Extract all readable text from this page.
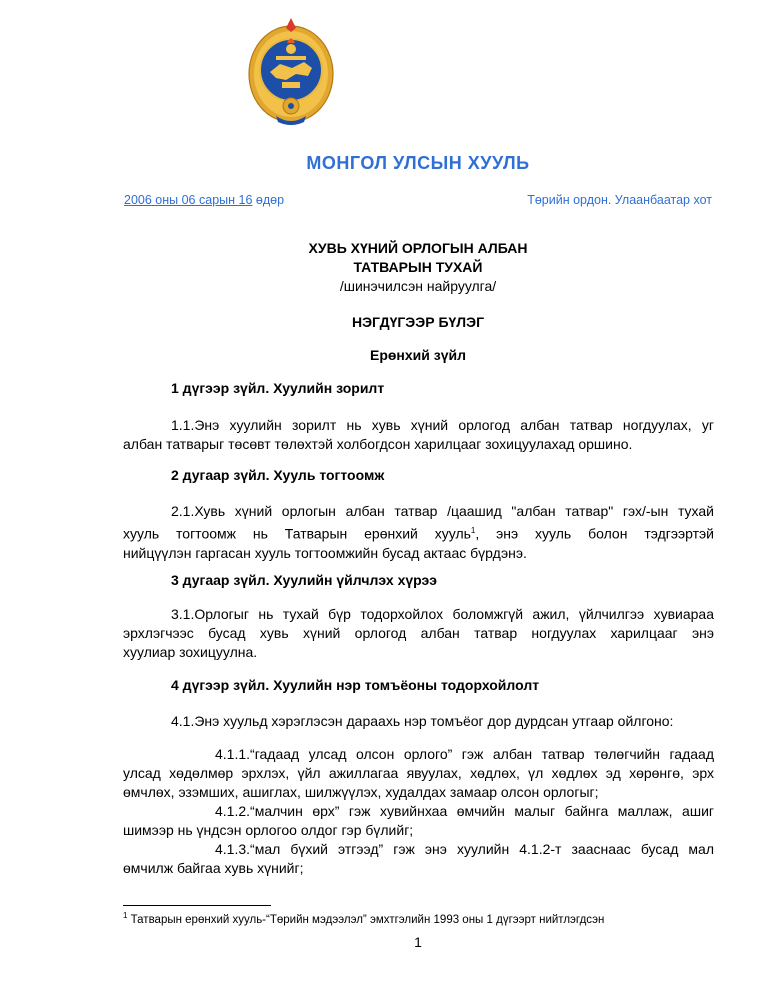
МОНГОЛ УЛСЫН ХУУЛЬ
2006 оны 06 сарын 16 өдөр	Төрийн ордон. Улаанбаатар хот
ХУВЬ ХҮНИЙ ОРЛОГЫН АЛБАН
ТАТВАРЫН ТУХАЙ
/шинэчилсэн найруулга/
НЭГДҮГЭЭР БҮЛЭГ
Ерөнхий зүйл
1 дүгээр зүйл. Хуулийн зорилт
1.1.Энэ хуулийн зорилт нь хувь хүний орлогод албан татвар ногдуулах, уг
албан татварыг төсөвт төлөхтэй холбогдсон харилцааг зохицуулахад оршино.
2 дугаар зүйл. Хууль тогтоомж
2.1.Хувь хүний орлогын албан татвар /цаашид "албан татвар" гэх/-ын тухай
хууль тогтоомж нь Татварын ерөнхий хууль$^1$, энэ хууль болон тэдгээртэй
нийцүүлэн гаргасан хууль тогтоомжийн бусад актаас бүрдэнэ.
3 дугаар зүйл. Хуулийн үйлчлэх хүрээ
3.1.Орлогыг нь тухай бүр тодорхойлох боломжгүй ажил, үйлчилгээ хувиараа
эрхлэгчээс бусад хувь хүний орлогод албан татвар ногдуулах харилцааг энэ
хуулиар зохицуулна.
4 дүгээр зүйл. Хуулийн нэр томъёоны тодорхойлолт
4.1.Энэ хуульд хэрэглэсэн дараахь нэр томъёог дор дурдсан утгаар ойлгоно:
4.1.1.“гадаад улсад олсон орлого” гэж албан татвар төлөгчийн гадаад
улсад хөдөлмөр эрхлэх, үйл ажиллагаа явуулах, хөдлөх, үл хөдлөх эд хөрөнгө, эрх
өмчлөх, эзэмших, ашиглах, шилжүүлэх, худалдах замаар олсон орлогыг;
4.1.2.“малчин өрх” гэж хувийнхаа өмчийн малыг байнга маллаж, ашиг
шимээр нь үндсэн орлогоо олдог гэр бүлийг;
4.1.3.“мал бүхий этгээд” гэж энэ хуулийн 4.1.2-т зааснаас бусад мал
өмчилж байгаа хувь хүнийг;
$^1$ Татварын ерөнхий хууль-“Төрийн мэдээлэл” эмхтгэлийн 1993 оны 1 дүгээрт нийтлэгдсэн
1
